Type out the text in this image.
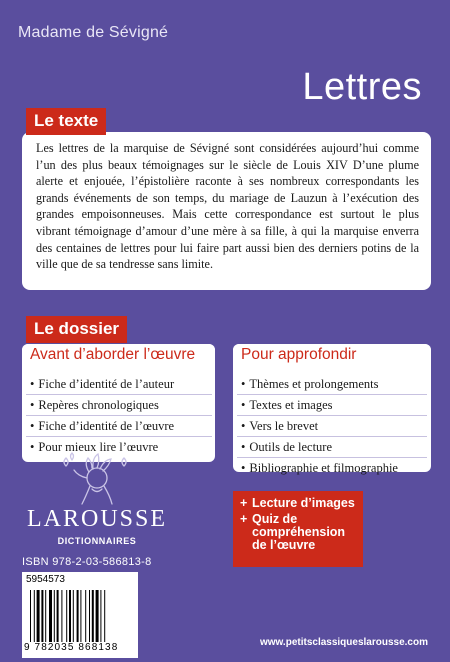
Madame de Sévigné
Lettres
Le texte
Les lettres de la marquise de Sévigné sont considérées aujourd’hui comme l’un des plus beaux témoignages sur le siècle de Louis XIV D’une plume alerte et enjouée, l’épistolière raconte à ses nombreux correspondants les grands événements de son temps, du mariage de Lauzun à l’exécution des grandes empoisonneuses. Mais cette correspondance est surtout le plus vibrant témoignage d’amour d’une mère à sa fille, à qui la marquise enverra des centaines de lettres pour lui faire part aussi bien des derniers potins de la ville que de sa tendresse sans limite.
Le dossier
Avant d’aborder l’œuvre
• Fiche d’identité de l’auteur
• Repères chronologiques
• Fiche d’identité de l’œuvre
• Pour mieux lire l’œuvre
Pour approfondir
• Thèmes et prolongements
• Textes et images
• Vers le brevet
• Outils de lecture
• Bibliographie et filmographie
LAROUSSE
DICTIONNAIRES
+ Lecture d’images
+ Quiz de compréhension de l’œuvre
ISBN 978-2-03-586813-8
5954573
9 782035 868138	www.petitsclassiqueslarousse.com
